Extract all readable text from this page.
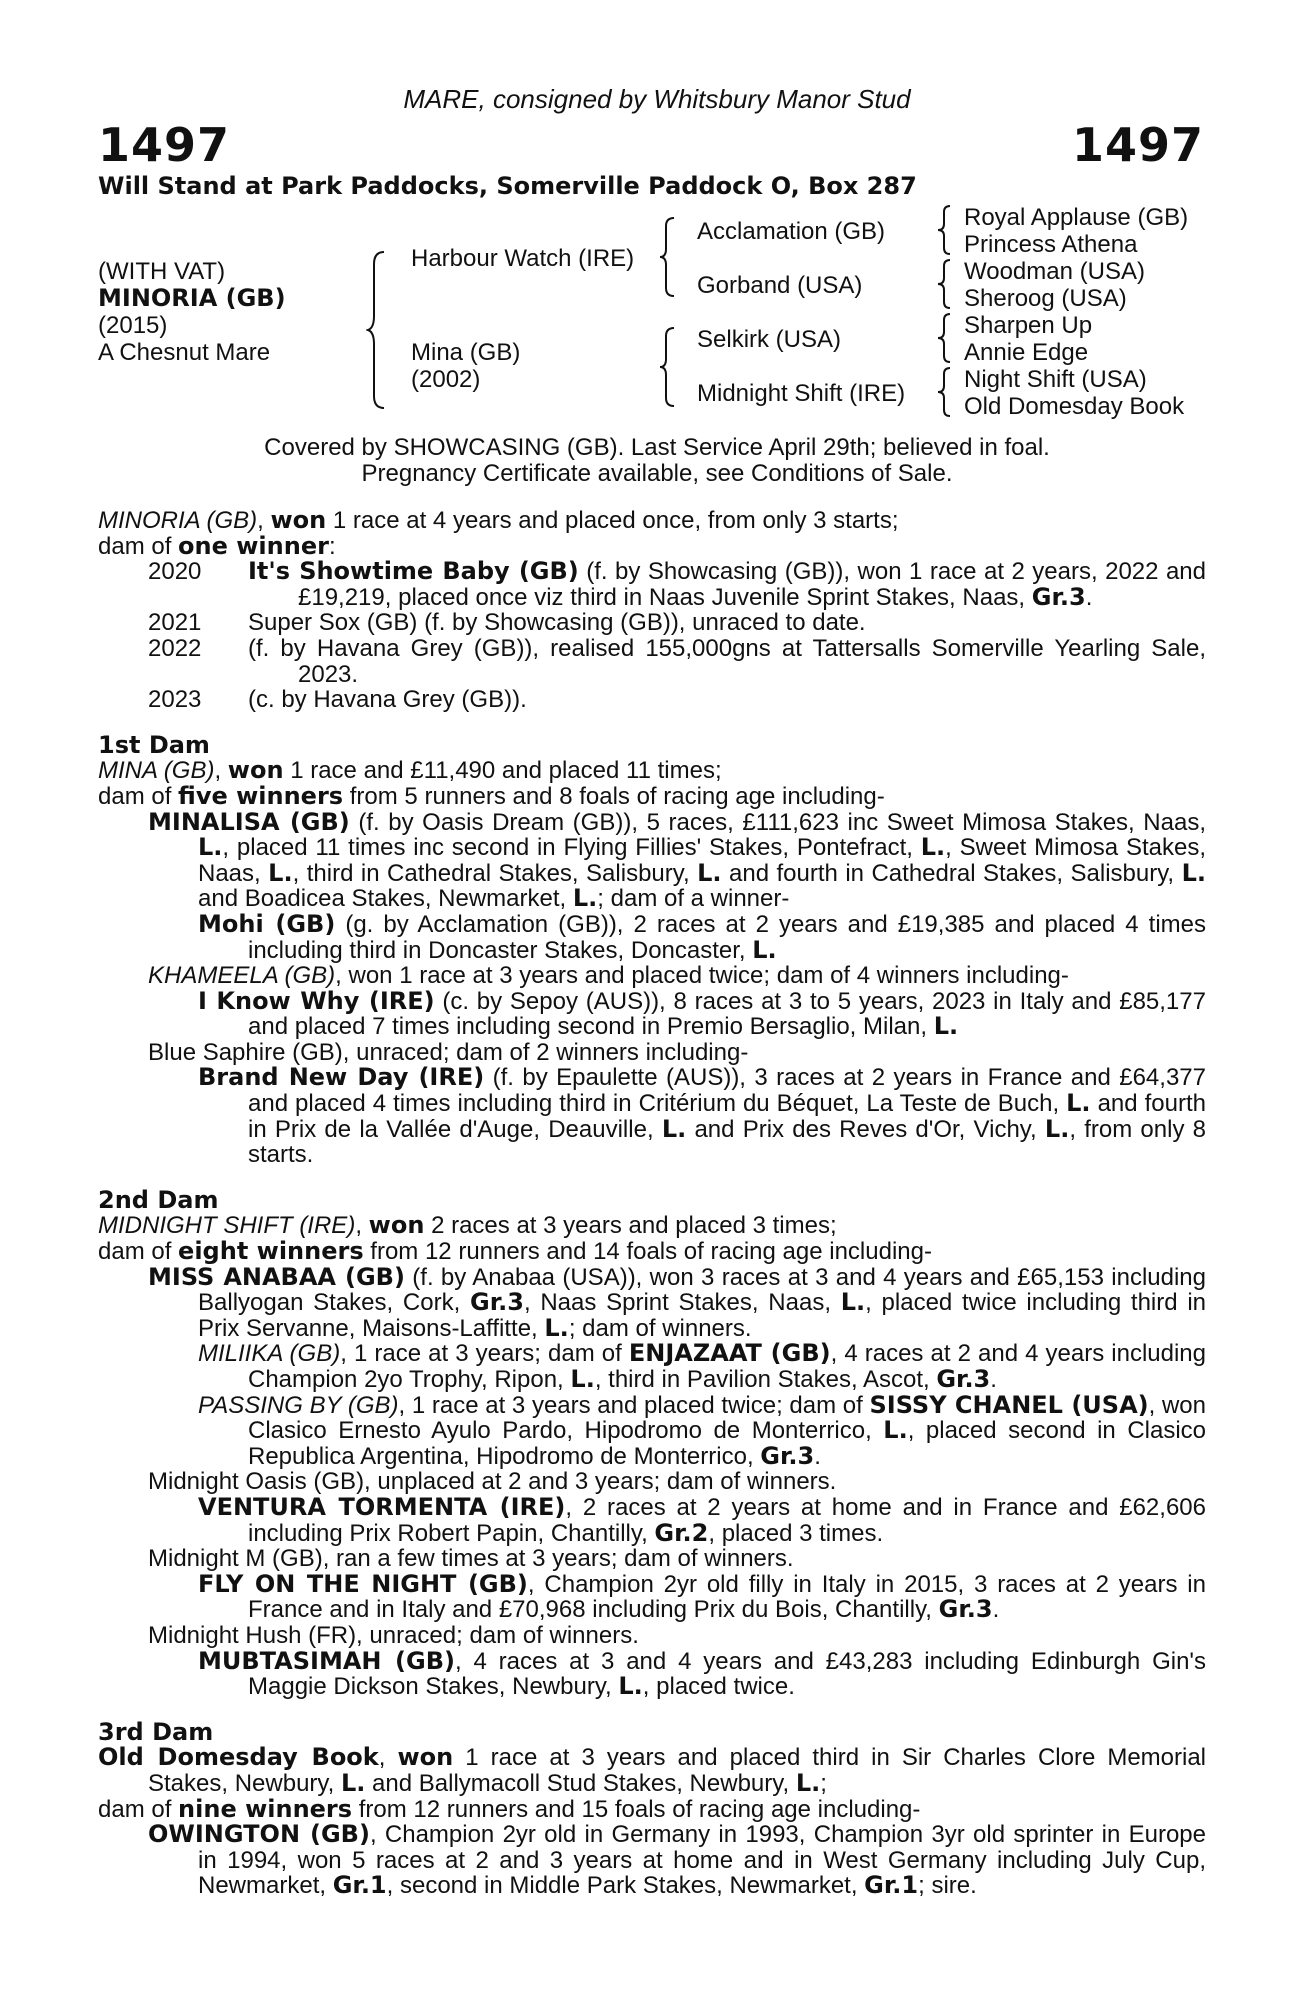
MARE, consigned by Whitsbury Manor Stud
1497	1497
Will Stand at Park Paddocks, Somerville Paddock O, Box 287
(WITH VAT)
MINORIA (GB)
(2015)
A Chesnut Mare
Harbour Watch (IRE)
Mina (GB)
(2002)
Acclamation (GB)
Gorband (USA)
Selkirk (USA)
Midnight Shift (IRE)
Royal Applause (GB)
Princess Athena
Woodman (USA)
Sheroog (USA)
Sharpen Up
Annie Edge
Night Shift (USA)
Old Domesday Book
Covered by SHOWCASING (GB). Last Service April 29th; believed in foal.
Pregnancy Certificate available, see Conditions of Sale.

MINORIA (GB), won 1 race at 4 years and placed once, from only 3 starts;

dam of one winner:

2020	It's Showtime Baby (GB) (f. by Showcasing (GB)), won 1 race at 2 years, 2022 and £19,219, placed once viz third in Naas Juvenile Sprint Stakes, Naas, Gr.3.
2021	Super Sox (GB) (f. by Showcasing (GB)), unraced to date.
2022	(f. by Havana Grey (GB)), realised 155,000gns at Tattersalls Somerville Yearling Sale, 2023.
2023	(c. by Havana Grey (GB)).

1st Dam

MINA (GB), won 1 race and £11,490 and placed 11 times;

dam of five winners from 5 runners and 8 foals of racing age including-

MINALISA (GB) (f. by Oasis Dream (GB)), 5 races, £111,623 inc Sweet Mimosa Stakes, Naas, L., placed 11 times inc second in Flying Fillies' Stakes, Pontefract, L., Sweet Mimosa Stakes, Naas, L., third in Cathedral Stakes, Salisbury, L. and fourth in Cathedral Stakes, Salisbury, L. and Boadicea Stakes, Newmarket, L.; dam of a winner-

Mohi (GB) (g. by Acclamation (GB)), 2 races at 2 years and £19,385 and placed 4 times including third in Doncaster Stakes, Doncaster, L.

KHAMEELA (GB), won 1 race at 3 years and placed twice; dam of 4 winners including-

I Know Why (IRE) (c. by Sepoy (AUS)), 8 races at 3 to 5 years, 2023 in Italy and £85,177 and placed 7 times including second in Premio Bersaglio, Milan, L.

Blue Saphire (GB), unraced; dam of 2 winners including-

Brand New Day (IRE) (f. by Epaulette (AUS)), 3 races at 2 years in France and £64,377 and placed 4 times including third in Critérium du Béquet, La Teste de Buch, L. and fourth in Prix de la Vallée d'Auge, Deauville, L. and Prix des Reves d'Or, Vichy, L., from only 8 starts.

2nd Dam

MIDNIGHT SHIFT (IRE), won 2 races at 3 years and placed 3 times;

dam of eight winners from 12 runners and 14 foals of racing age including-

MISS ANABAA (GB) (f. by Anabaa (USA)), won 3 races at 3 and 4 years and £65,153 including Ballyogan Stakes, Cork, Gr.3, Naas Sprint Stakes, Naas, L., placed twice including third in Prix Servanne, Maisons-Laffitte, L.; dam of winners.

MILIIKA (GB), 1 race at 3 years; dam of ENJAZAAT (GB), 4 races at 2 and 4 years including Champion 2yo Trophy, Ripon, L., third in Pavilion Stakes, Ascot, Gr.3.

PASSING BY (GB), 1 race at 3 years and placed twice; dam of SISSY CHANEL (USA), won Clasico Ernesto Ayulo Pardo, Hipodromo de Monterrico, L., placed second in Clasico Republica Argentina, Hipodromo de Monterrico, Gr.3.

Midnight Oasis (GB), unplaced at 2 and 3 years; dam of winners.

VENTURA TORMENTA (IRE), 2 races at 2 years at home and in France and £62,606 including Prix Robert Papin, Chantilly, Gr.2, placed 3 times.

Midnight M (GB), ran a few times at 3 years; dam of winners.

FLY ON THE NIGHT (GB), Champion 2yr old filly in Italy in 2015, 3 races at 2 years in France and in Italy and £70,968 including Prix du Bois, Chantilly, Gr.3.

Midnight Hush (FR), unraced; dam of winners.

MUBTASIMAH (GB), 4 races at 3 and 4 years and £43,283 including Edinburgh Gin's Maggie Dickson Stakes, Newbury, L., placed twice.

3rd Dam

Old Domesday Book, won 1 race at 3 years and placed third in Sir Charles Clore Memorial Stakes, Newbury, L. and Ballymacoll Stud Stakes, Newbury, L.;

dam of nine winners from 12 runners and 15 foals of racing age including-

OWINGTON (GB), Champion 2yr old in Germany in 1993, Champion 3yr old sprinter in Europe in 1994, won 5 races at 2 and 3 years at home and in West Germany including July Cup, Newmarket, Gr.1, second in Middle Park Stakes, Newmarket, Gr.1; sire.
